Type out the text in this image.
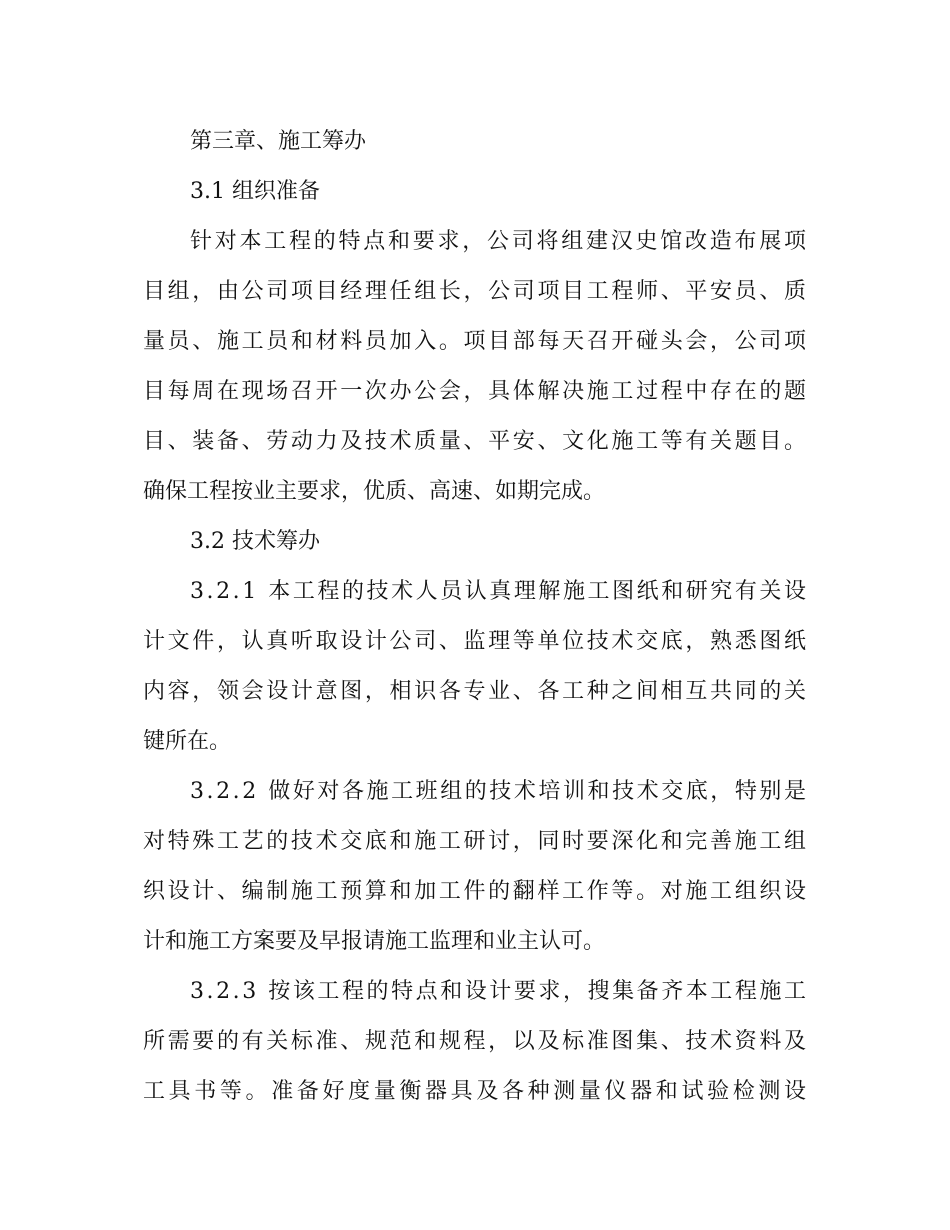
第三章、施工筹办
3.1 组织准备
针对本工程的特点和要求，公司将组建汉史馆改造布展项
目组，由公司项目经理任组长，公司项目工程师、平安员、质
量员、施工员和材料员加入。项目部每天召开碰头会，公司项
目每周在现场召开一次办公会，具体解决施工过程中存在的题
目、装备、劳动力及技术质量、平安、文化施工等有关题目。
确保工程按业主要求，优质、高速、如期完成。
3.2 技术筹办
3.2.1 本工程的技术人员认真理解施工图纸和研究有关设
计文件，认真听取设计公司、监理等单位技术交底，熟悉图纸
内容，领会设计意图，相识各专业、各工种之间相互共同的关
键所在。
3.2.2 做好对各施工班组的技术培训和技术交底，特别是
对特殊工艺的技术交底和施工研讨，同时要深化和完善施工组
织设计、编制施工预算和加工件的翻样工作等。对施工组织设
计和施工方案要及早报请施工监理和业主认可。
3.2.3 按该工程的特点和设计要求，搜集备齐本工程施工
所需要的有关标准、规范和规程，以及标准图集、技术资料及
工具书等。准备好度量衡器具及各种测量仪器和试验检测设
